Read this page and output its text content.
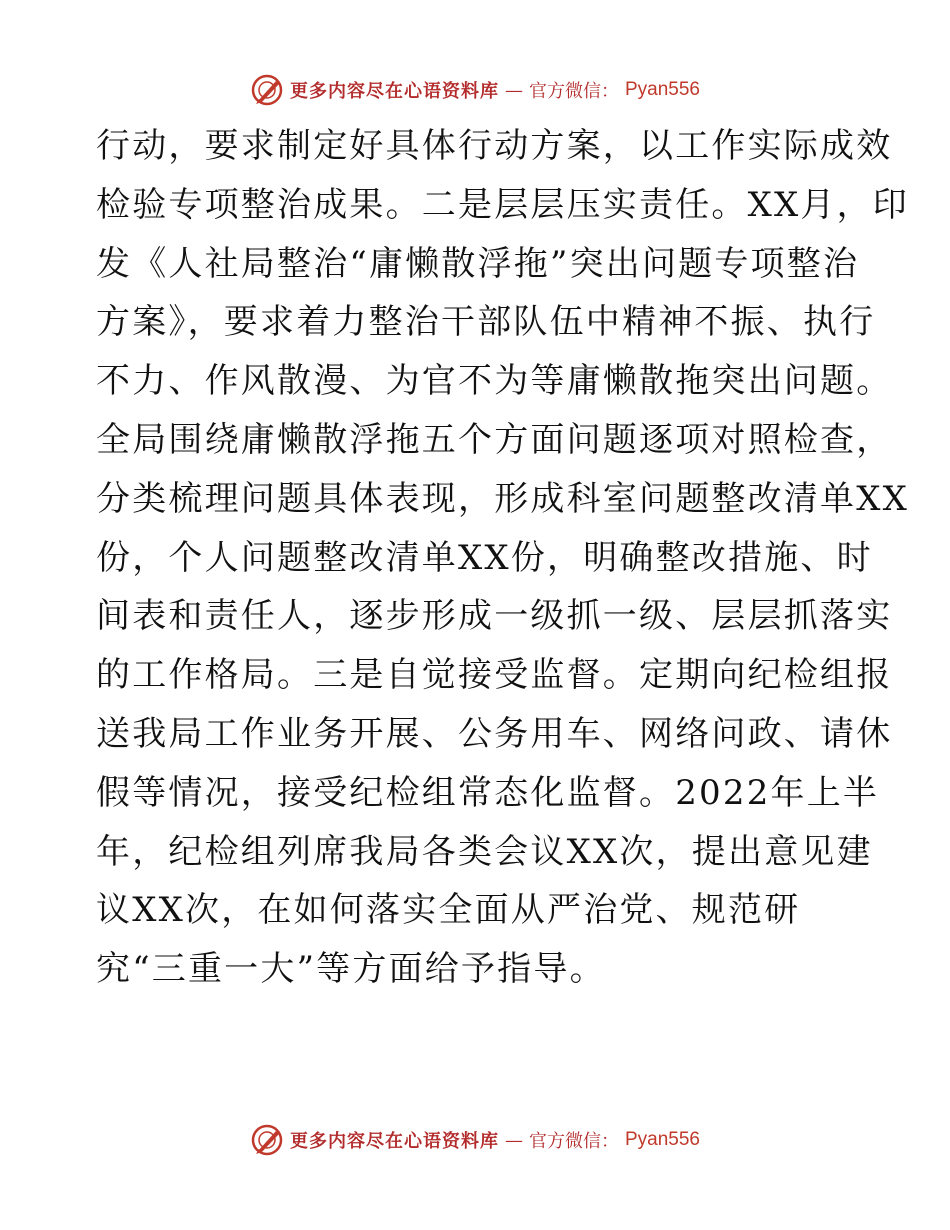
更多内容尽在心语资料库 — 官方微信： Pyan556
行动，要求制定好具体行动方案，以工作实际成效
检验专项整治成果。二是层层压实责任。XX月，印
发《人社局整治“庸懒散浮拖”突出问题专项整治
方案》，要求着力整治干部队伍中精神不振、执行
不力、作风散漫、为官不为等庸懒散拖突出问题。
全局围绕庸懒散浮拖五个方面问题逐项对照检查，
分类梳理问题具体表现，形成科室问题整改清单XX
份，个人问题整改清单XX份，明确整改措施、时
间表和责任人，逐步形成一级抓一级、层层抓落实
的工作格局。三是自觉接受监督。定期向纪检组报
送我局工作业务开展、公务用车、网络问政、请休
假等情况，接受纪检组常态化监督。2022年上半
年，纪检组列席我局各类会议XX次，提出意见建
议XX次，在如何落实全面从严治党、规范研
究“三重一大”等方面给予指导。
更多内容尽在心语资料库 — 官方微信： Pyan556
